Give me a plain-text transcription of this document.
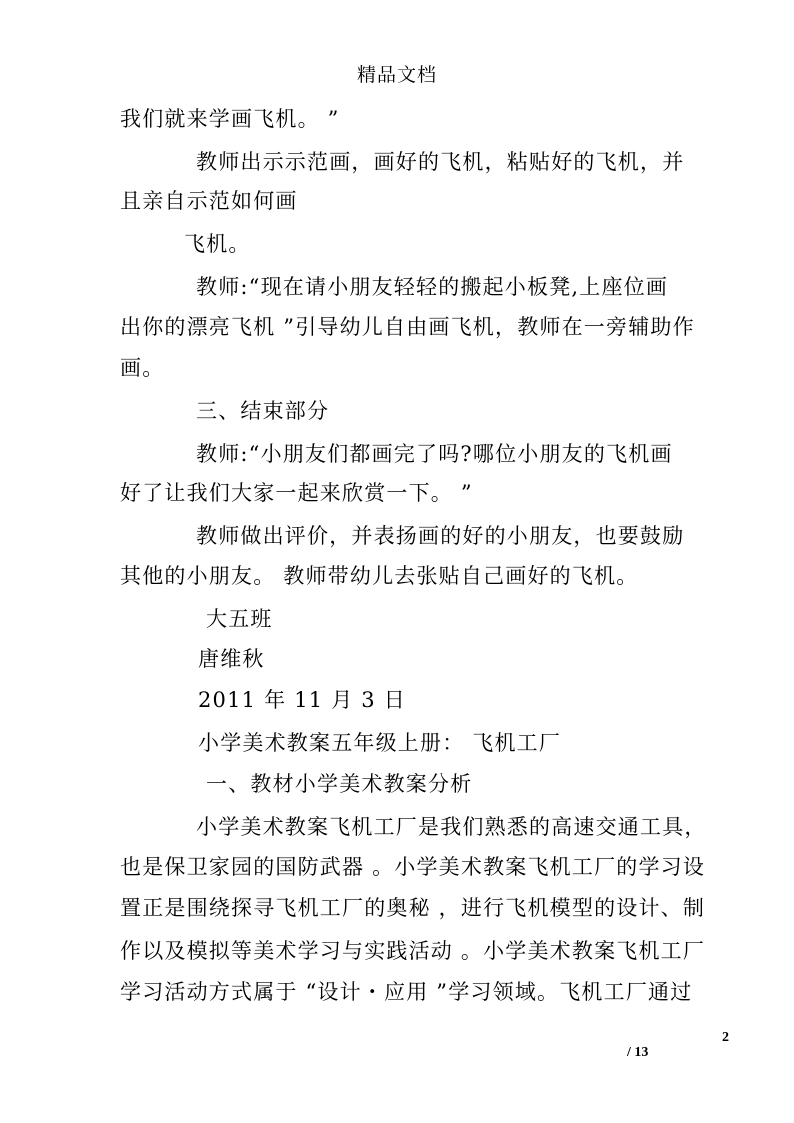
精品文档
我们就来学画飞机。 ”
教师出示示范画，画好的飞机，粘贴好的飞机，并
且亲自示范如何画
飞机。
教师:“现在请小朋友轻轻的搬起小板凳,上座位画
出你的漂亮飞机 ”引导幼儿自由画飞机，教师在一旁辅助作
画。
三、结束部分
教师:“小朋友们都画完了吗?哪位小朋友的飞机画
好了让我们大家一起来欣赏一下。 ”
教师做出评价，并表扬画的好的小朋友，也要鼓励
其他的小朋友。 教师带幼儿去张贴自己画好的飞机。
大五班
唐维秋
2011 年 11 月 3 日
小学美术教案五年级上册： 飞机工厂
一、教材小学美术教案分析
小学美术教案飞机工厂是我们熟悉的高速交通工具，
也是保卫家园的国防武器 。小学美术教案飞机工厂的学习设
置正是围绕探寻飞机工厂的奥秘 ，进行飞机模型的设计、制
作以及模拟等美术学习与实践活动 。小学美术教案飞机工厂
学习活动方式属于 “设计・应用 ”学习领域。飞机工厂通过
2
/ 13
